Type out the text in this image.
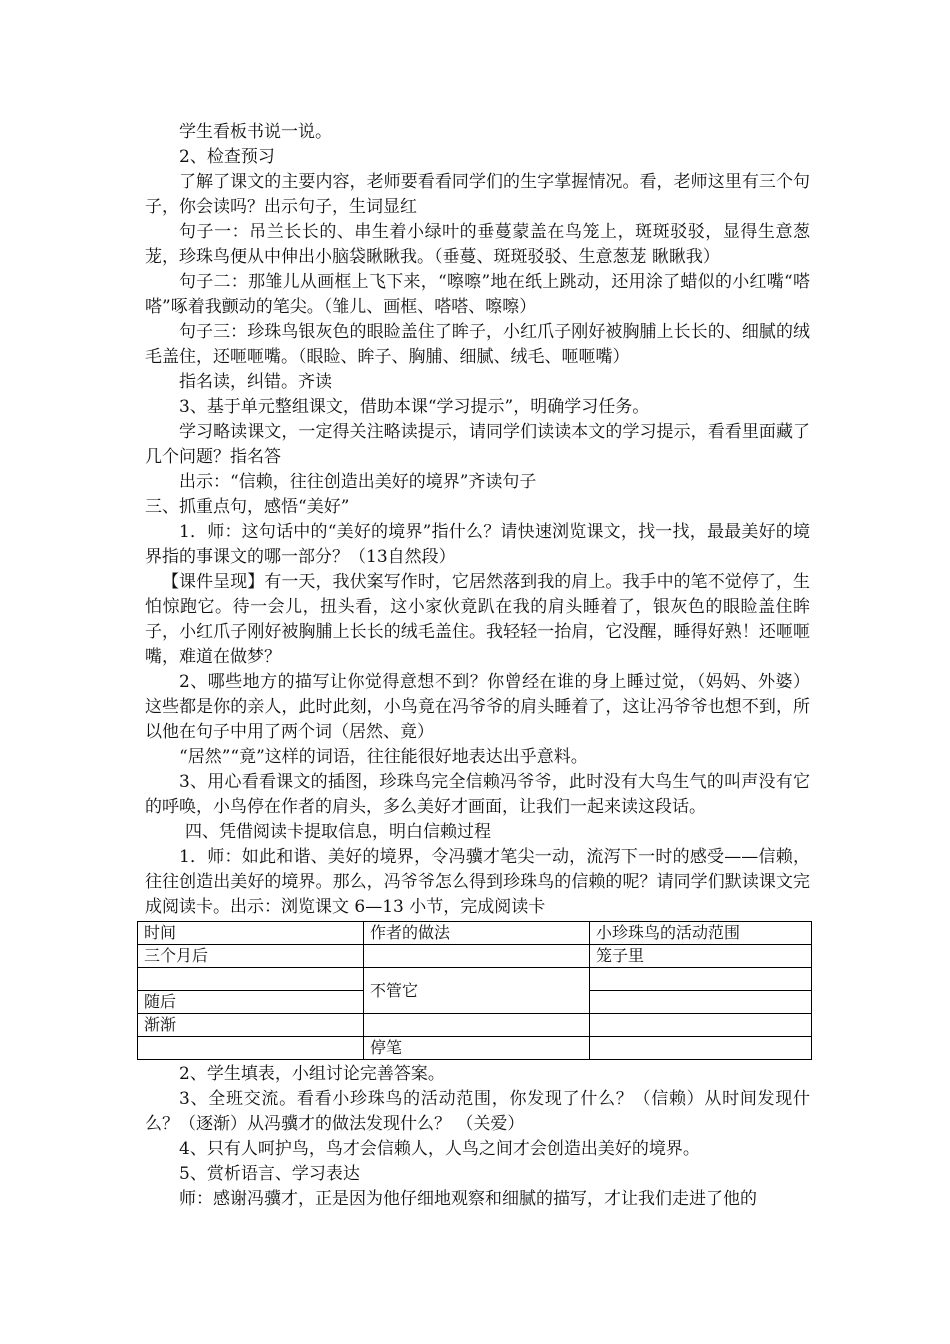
学生看板书说一说。

2、检查预习

了解了课文的主要内容，老师要看看同学们的生字掌握情况。看，老师这里有三个句子，你会读吗？出示句子，生词显红

句子一：吊兰长长的、串生着小绿叶的垂蔓蒙盖在鸟笼上，斑斑驳驳，显得生意葱茏，珍珠鸟便从中伸出小脑袋瞅瞅我。（垂蔓、斑斑驳驳、生意葱茏 瞅瞅我）

句子二：那雏儿从画框上飞下来，“嚓嚓”地在纸上跳动，还用涂了蜡似的小红嘴“嗒嗒”啄着我颤动的笔尖。（雏儿、画框、嗒嗒、嚓嚓）

句子三：珍珠鸟银灰色的眼睑盖住了眸子，小红爪子刚好被胸脯上长长的、细腻的绒毛盖住，还咂咂嘴。（眼睑、眸子、胸脯、细腻、绒毛、咂咂嘴）

指名读，纠错。齐读

3、基于单元整组课文，借助本课“学习提示”，明确学习任务。

学习略读课文，一定得关注略读提示，请同学们读读本文的学习提示，看看里面藏了几个问题？指名答

出示：“信赖，往往创造出美好的境界”齐读句子

三、抓重点句，感悟“美好”

1．师：这句话中的“美好的境界”指什么？请快速浏览课文，找一找，最最美好的境界指的事课文的哪一部分？（13自然段）

【课件呈现】有一天，我伏案写作时，它居然落到我的肩上。我手中的笔不觉停了，生怕惊跑它。待一会儿，扭头看，这小家伙竟趴在我的肩头睡着了，银灰色的眼睑盖住眸子，小红爪子刚好被胸脯上长长的绒毛盖住。我轻轻一抬肩，它没醒，睡得好熟！还咂咂嘴，难道在做梦？

2、哪些地方的描写让你觉得意想不到？你曾经在谁的身上睡过觉，（妈妈、外婆）这些都是你的亲人，此时此刻，小鸟竟在冯爷爷的肩头睡着了，这让冯爷爷也想不到，所以他在句子中用了两个词（居然、竟）

“居然”“竟”这样的词语，往往能很好地表达出乎意料。

3、用心看看课文的插图，珍珠鸟完全信赖冯爷爷，此时没有大鸟生气的叫声没有它的呼唤，小鸟停在作者的肩头，多么美好才画面，让我们一起来读这段话。

四、凭借阅读卡提取信息，明白信赖过程

1．师：如此和谐、美好的境界，令冯骥才笔尖一动，流泻下一时的感受——信赖，往往创造出美好的境界。那么，冯爷爷怎么得到珍珠鸟的信赖的呢？请同学们默读课文完成阅读卡。出示：浏览课文 6—13 小节，完成阅读卡

时间	作者的做法	小珍珠鸟的活动范围
三个月后		笼子里
	不管它	
随后		
渐渐		
	停笔	

2、学生填表，小组讨论完善答案。

3、全班交流。看看小珍珠鸟的活动范围，你发现了什么？（信赖）从时间发现什么？（逐渐）从冯骥才的做法发现什么？ （关爱）

4、只有人呵护鸟，鸟才会信赖人，人鸟之间才会创造出美好的境界。

5、赏析语言、学习表达

师：感谢冯骥才，正是因为他仔细地观察和细腻的描写，才让我们走进了他的
